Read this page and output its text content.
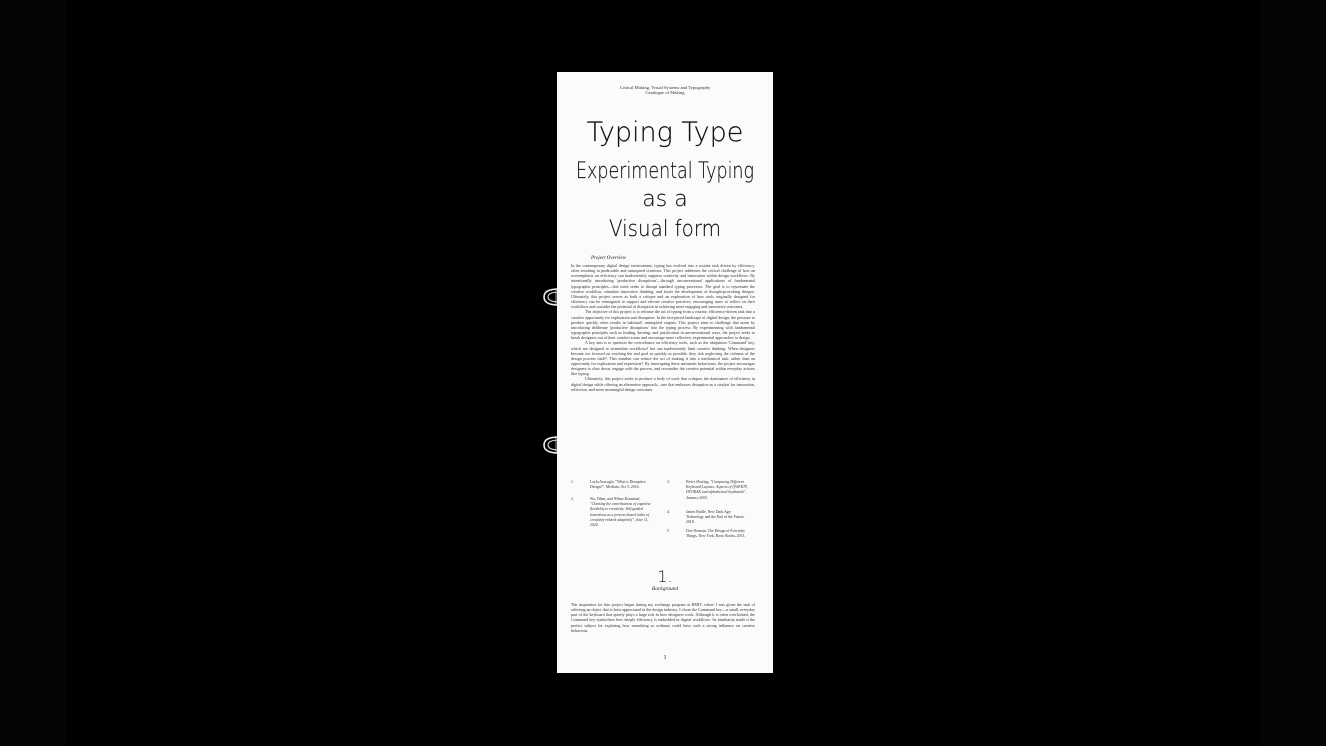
Critical Making, Visual Systems and Typography
Catalogue of Making
Typing Type
Experimental Typing
as a
Visual form
Project Overview

In the contemporary digital design environment, typing has evolved into a routine task driven by efficiency, often resulting in predictable and uninspired creations. This project addresses the critical challenge of how an overemphasis on efficiency can inadvertently suppress creativity and innovation within design workflows. By intentionally introducing 'productive disruptions'—through unconventional applications of fundamental typographic principles—this work seeks to disrupt standard typing processes. The goal is to rejuvenate the creative workflow, stimulate innovative thinking, and foster the development of thought-provoking designs. Ultimately, this project serves as both a critique and an exploration of how tools originally designed for efficiency can be reimagined to support and elevate creative practices, encouraging users to reflect on their workflows and consider the potential of disruption in achieving more engaging and innovative outcomes.

The objective of this project is to reframe the act of typing from a routine, efficiency-driven task into a creative opportunity for exploration and disruption. In the fast-paced landscape of digital design, the pressure to produce quickly often results in habitual¹, uninspired outputs. This project aims to challenge that norm by introducing deliberate 'productive disruptions' into the typing process. By experimenting with fundamental typographic principles such as leading, kerning, and justification in unconventional ways, the project seeks to break designers out of their comfort zones and encourage more reflective, experimental approaches to design.

A key aim is to question the overreliance on efficiency tools, such as the ubiquitous 'Command' key, which are designed to streamline workflows² but can inadvertently limit creative thinking. When designers become too focused on reaching the end goal as quickly as possible, they risk neglecting the richness of the design process itself³. This mindset can reduce the act of making it into a mechanical task, rather than an opportunity for exploration and expression⁴. By interrupting these automatic behaviours, the project encourages designers to slow down, engage with the process, and reconsider the creative potential within everyday actions like typing.

Ultimately, this project seeks to produce a body of work that critiques the dominance of efficiency in digital design while offering an alternative approach—one that embraces disruption as a catalyst for innovation, reflection, and more meaningful design outcomes.

1.	Leyla Acaroglu, "What is Disruptive Design?", Medium, Oct 5, 2016.
2.	Wu, Yihan, and Wilma Koutstaal, "Charting the contributions of cognitive flexibility to creativity: Self-guided transitions as a process-based index of creativity-related adaptivity", June 11, 2020.
3.	Pieter Hoeting, "Comparing Different Keyboard Layouts: Aspects of QWERTY, DVORAK and alphabetical keyboards", January 2003.
4.	James Bridle, New Dark Age: Technology and the End of the Future, 2018.
5.	Don Norman, The Design of Everyday Things, New York, Basic Books, 2013.
1.
Background

The inspiration for this project began during my exchange program at RMIT, where I was given the task of selecting an object that is least appreciated in the design industry. I chose the Command key—a small, everyday part of the keyboard that quietly plays a huge role in how designers work. Although it is often overlooked, the Command key symbolises how deeply efficiency is embedded in digital workflows. Its familiarity made it the perfect subject for exploring how something so ordinary could have such a strong influence on creative behaviour.

1
